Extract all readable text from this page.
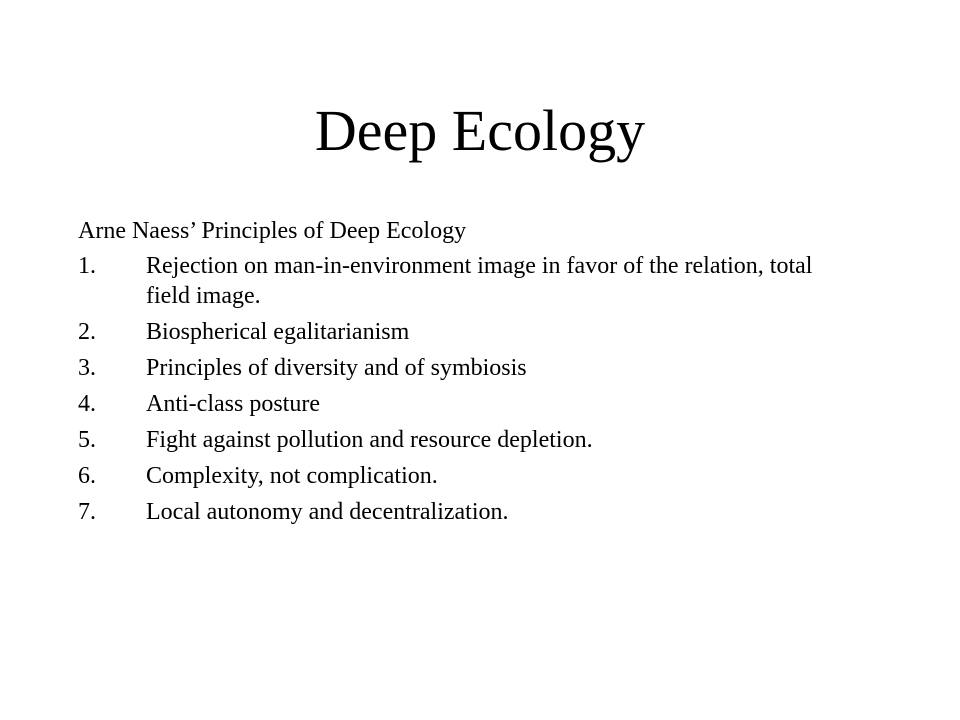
Deep Ecology

Arne Naess’ Principles of Deep Ecology

1.	Rejection on man-in-environment image in favor of the relation, total field image.
2.	Biospherical egalitarianism
3.	Principles of diversity and of symbiosis
4.	Anti-class posture
5.	Fight against pollution and resource depletion.
6.	Complexity, not complication.
7.	Local autonomy and decentralization.
